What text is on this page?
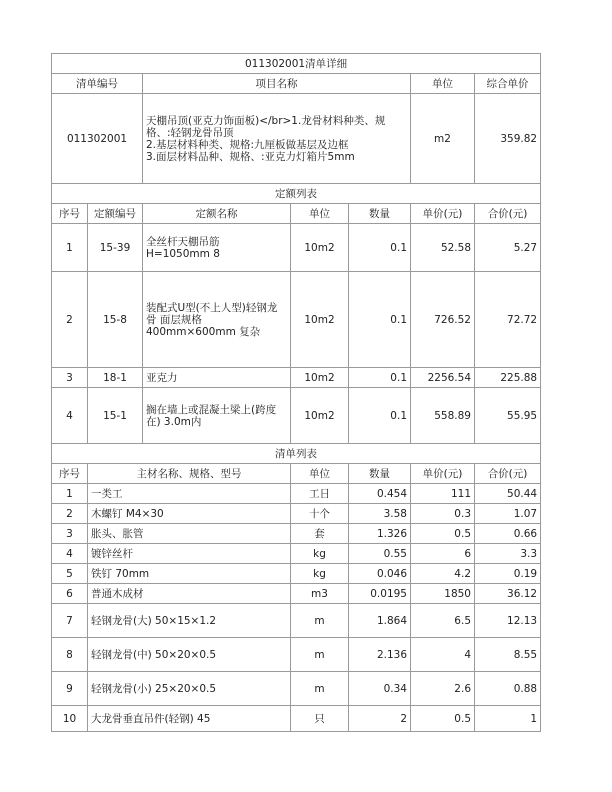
011302001清单详细						
清单编号		项目名称			单位	综合单价
011302001		天棚吊顶(亚克力饰面板)</br>1.龙骨材料种类、规格、:轻钢龙骨吊顶
2.基层材料种类、规格:九厘板做基层及边框
3.面层材料品种、规格、:亚克力灯箱片5mm			m2	359.82
定额列表						
序号	定额编号	定额名称	单位	数量	单价(元)	合价(元)
1	15-39	全丝杆天棚吊筋
H=1050mm 8	10m2	0.1	52.58	5.27
2	15-8	装配式U型(不上人型)轻钢龙骨 面层规格
400mm×600mm 复杂	10m2	0.1	726.52	72.72
3	18-1	亚克力	10m2	0.1	2256.54	225.88
4	15-1	搁在墙上或混凝土梁上(跨度在) 3.0m内	10m2	0.1	558.89	55.95
清单列表						
序号	主材名称、规格、型号		单位	数量	单价(元)	合价(元)
1	一类工		工日	0.454	111	50.44
2	木螺钉 M4×30		十个	3.58	0.3	1.07
3	胀头、胀管		套	1.326	0.5	0.66
4	镀锌丝杆		kg	0.55	6	3.3
5	铁钉 70mm		kg	0.046	4.2	0.19
6	普通木成材		m3	0.0195	1850	36.12
7	轻钢龙骨(大) 50×15×1.2		m	1.864	6.5	12.13
8	轻钢龙骨(中) 50×20×0.5		m	2.136	4	8.55
9	轻钢龙骨(小) 25×20×0.5		m	0.34	2.6	0.88
10	大龙骨垂直吊件(轻钢) 45		只	2	0.5	1
